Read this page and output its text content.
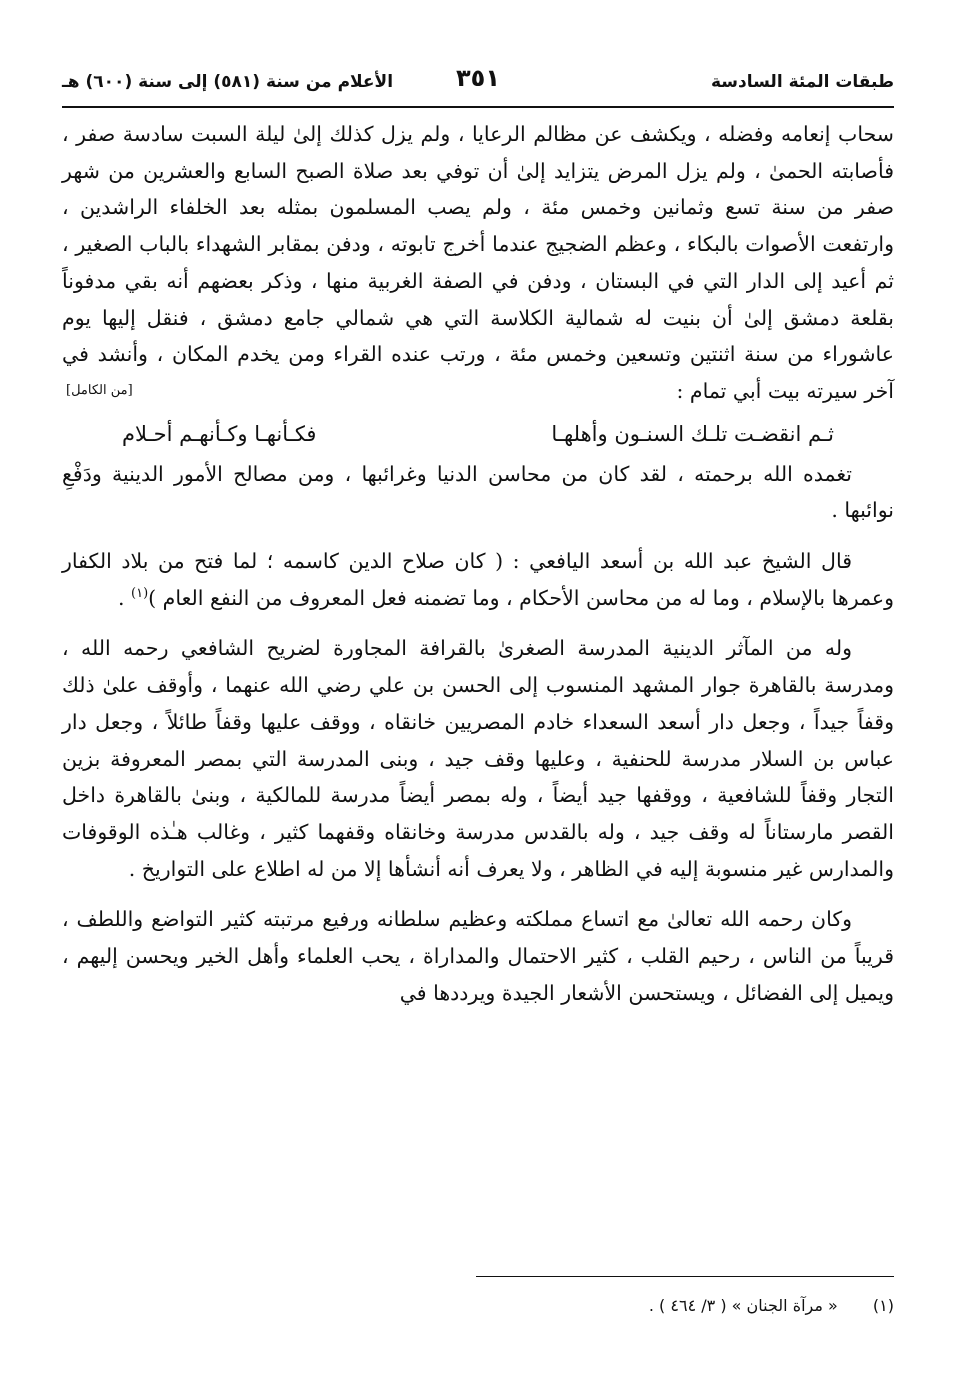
طبقات المئة السادسة
٣٥١
الأعلام من سنة (٥٨١) إلى سنة (٦٠٠) هـ

سحاب إنعامه وفضله ، ويكشف عن مظالم الرعايا ، ولم يزل كذلك إلىٰ ليلة السبت سادسة صفر ، فأصابته الحمىٰ ، ولم يزل المرض يتزايد إلىٰ أن توفي بعد صلاة الصبح السابع والعشرين من شهر صفر من سنة تسع وثمانين وخمس مئة ، ولم يصب المسلمون بمثله بعد الخلفاء الراشدين ، وارتفعت الأصوات بالبكاء ، وعظم الضجيج عندما أخرج تابوته ، ودفن بمقابر الشهداء بالباب الصغير ، ثم أعيد إلى الدار التي في البستان ، ودفن في الصفة الغربية منها ، وذكر بعضهم أنه بقي مدفوناً بقلعة دمشق إلىٰ أن بنيت له شمالية الكلاسة التي هي شمالي جامع دمشق ، فنقل إليها يوم عاشوراء من سنة اثنتين وتسعين وخمس مئة ، ورتب عنده القراء ومن يخدم المكان ، وأنشد في آخر سيرته بيت أبي تمام :
[من الكامل]

ثـم انقضـت تلـك السنـون وأهلهـا
فكـأنهـا وكـأنهـم أحـلام

تغمده الله برحمته ، لقد كان من محاسن الدنيا وغرائبها ، ومن مصالح الأمور الدينية ودَفْعِ نوائبها .

قال الشيخ عبد الله بن أسعد اليافعي : ( كان صلاح الدين كاسمه ؛ لما فتح من بلاد الكفار وعمرها بالإسلام ، وما له من محاسن الأحكام ، وما تضمنه فعل المعروف من النفع العام )$^{(١)}$ .

وله من المآثر الدينية المدرسة الصغرىٰ بالقرافة المجاورة لضريح الشافعي رحمه الله ، ومدرسة بالقاهرة جوار المشهد المنسوب إلى الحسن بن علي رضي الله عنهما ، وأوقف علىٰ ذلك وقفاً جيداً ، وجعل دار أسعد السعداء خادم المصريين خانقاه ، ووقف عليها وقفاً طائلاً ، وجعل دار عباس بن السلار مدرسة للحنفية ، وعليها وقف جيد ، وبنى المدرسة التي بمصر المعروفة بزين التجار وقفاً للشافعية ، ووقفها جيد أيضاً ، وله بمصر أيضاً مدرسة للمالكية ، وبنىٰ بالقاهرة داخل القصر مارستاناً له وقف جيد ، وله بالقدس مدرسة وخانقاه وقفهما كثير ، وغالب هـٰذه الوقوفات والمدارس غير منسوبة إليه في الظاهر ، ولا يعرف أنه أنشأها إلا من له اطلاع على التواريخ .

وكان رحمه الله تعالىٰ مع اتساع مملكته وعظيم سلطانه ورفيع مرتبته كثير التواضع واللطف ، قريباً من الناس ، رحيم القلب ، كثير الاحتمال والمداراة ، يحب العلماء وأهل الخير ويحسن إليهم ، ويميل إلى الفضائل ، ويستحسن الأشعار الجيدة ويرددها في

(١) « مرآة الجنان » ( ٣/ ٤٦٤ ) .
